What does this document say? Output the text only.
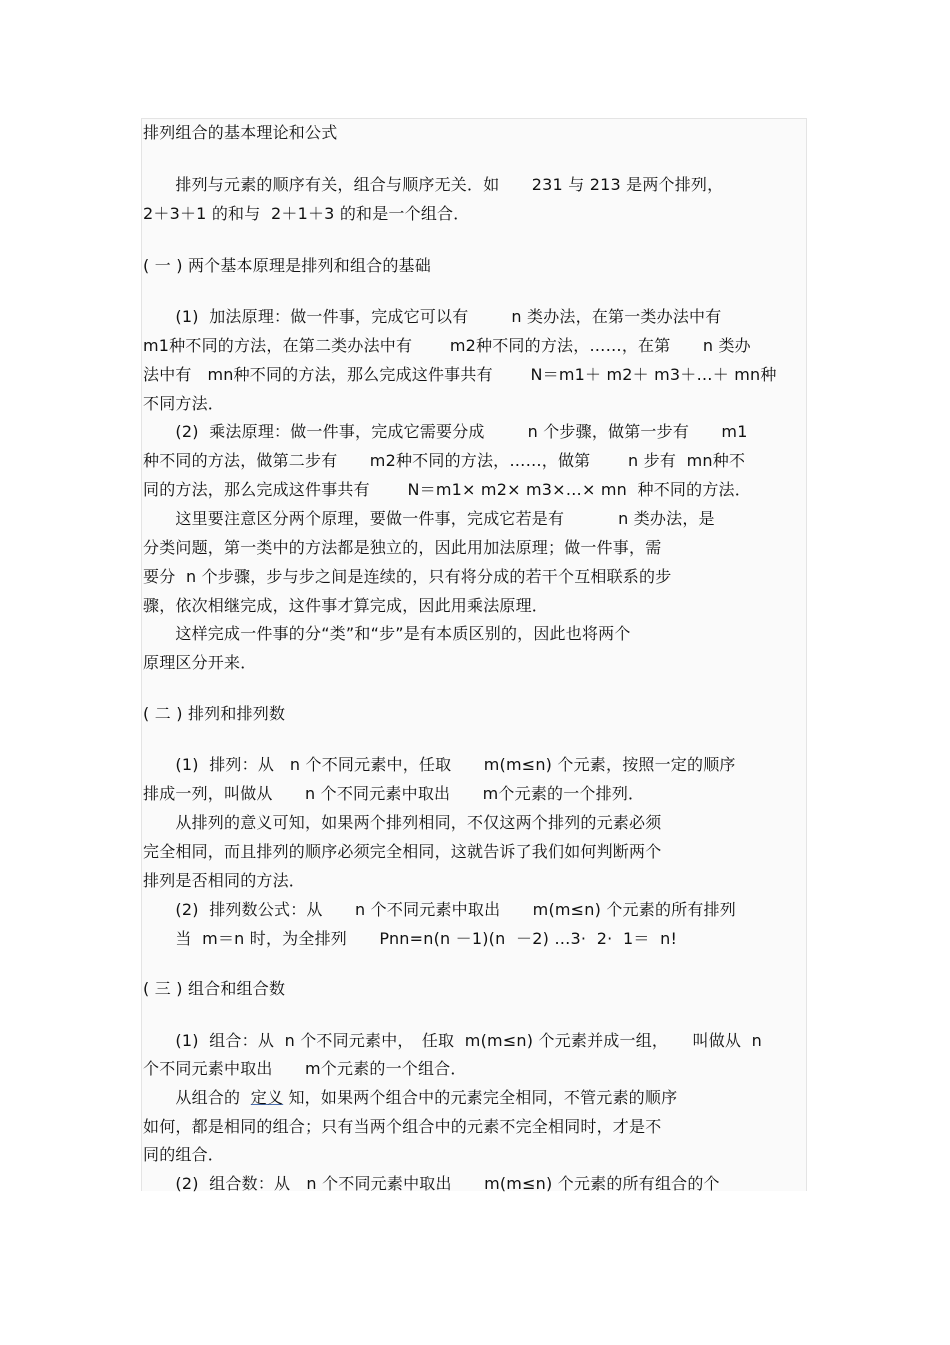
排列组合的基本理论和公式
　　排列与元素的顺序有关，组合与顺序无关．如　　231 与 213 是两个排列，
2＋3＋1 的和与  2＋1＋3 的和是一个组合．
( 一 ) 两个基本原理是排列和组合的基础
　　(1)  加法原理：做一件事，完成它可以有　　  n 类办法，在第一类办法中有
m1种不同的方法，在第二类办法中有　　 m2种不同的方法，……，在第　　n 类办
法中有   mn种不同的方法，那么完成这件事共有　　 N＝m1＋ m2＋ m3＋…＋ mn种
不同方法．
　　(2)  乘法原理：做一件事，完成它需要分成　　  n 个步骤，做第一步有　　m1
种不同的方法，做第二步有　　m2种不同的方法，……，做第　　 n 步有  mn种不
同的方法，那么完成这件事共有　　 N＝m1× m2× m3×…× mn  种不同的方法．
　　这里要注意区分两个原理，要做一件事，完成它若是有　　　 n 类办法，是
分类问题，第一类中的方法都是独立的，因此用加法原理；做一件事，需
要分  n 个步骤，步与步之间是连续的，只有将分成的若干个互相联系的步
骤，依次相继完成，这件事才算完成，因此用乘法原理．
　　这样完成一件事的分“类”和“步”是有本质区别的，因此也将两个
原理区分开来．
( 二 ) 排列和排列数
　　(1)  排列：从   n 个不同元素中，任取　　m(m≤n) 个元素，按照一定的顺序
排成一列，叫做从　　n 个不同元素中取出　　m个元素的一个排列．
　　从排列的意义可知，如果两个排列相同，不仅这两个排列的元素必须
完全相同，而且排列的顺序必须完全相同，这就告诉了我们如何判断两个
排列是否相同的方法．
　　(2)  排列数公式：从　　n 个不同元素中取出　　m(m≤n) 个元素的所有排列
　　当  m＝n 时，为全排列　　Pnn=n(n －1)(n  －2) …3·  2·  1＝  n!
( 三 ) 组合和组合数
　　(1)  组合：从  n 个不同元素中，　任取  m(m≤n) 个元素并成一组，　　叫做从  n
个不同元素中取出　　m个元素的一个组合．
　　从组合的  定义 知，如果两个组合中的元素完全相同，不管元素的顺序
如何，都是相同的组合；只有当两个组合中的元素不完全相同时，才是不
同的组合．
　　(2)  组合数：从　n 个不同元素中取出　　m(m≤n) 个元素的所有组合的个
